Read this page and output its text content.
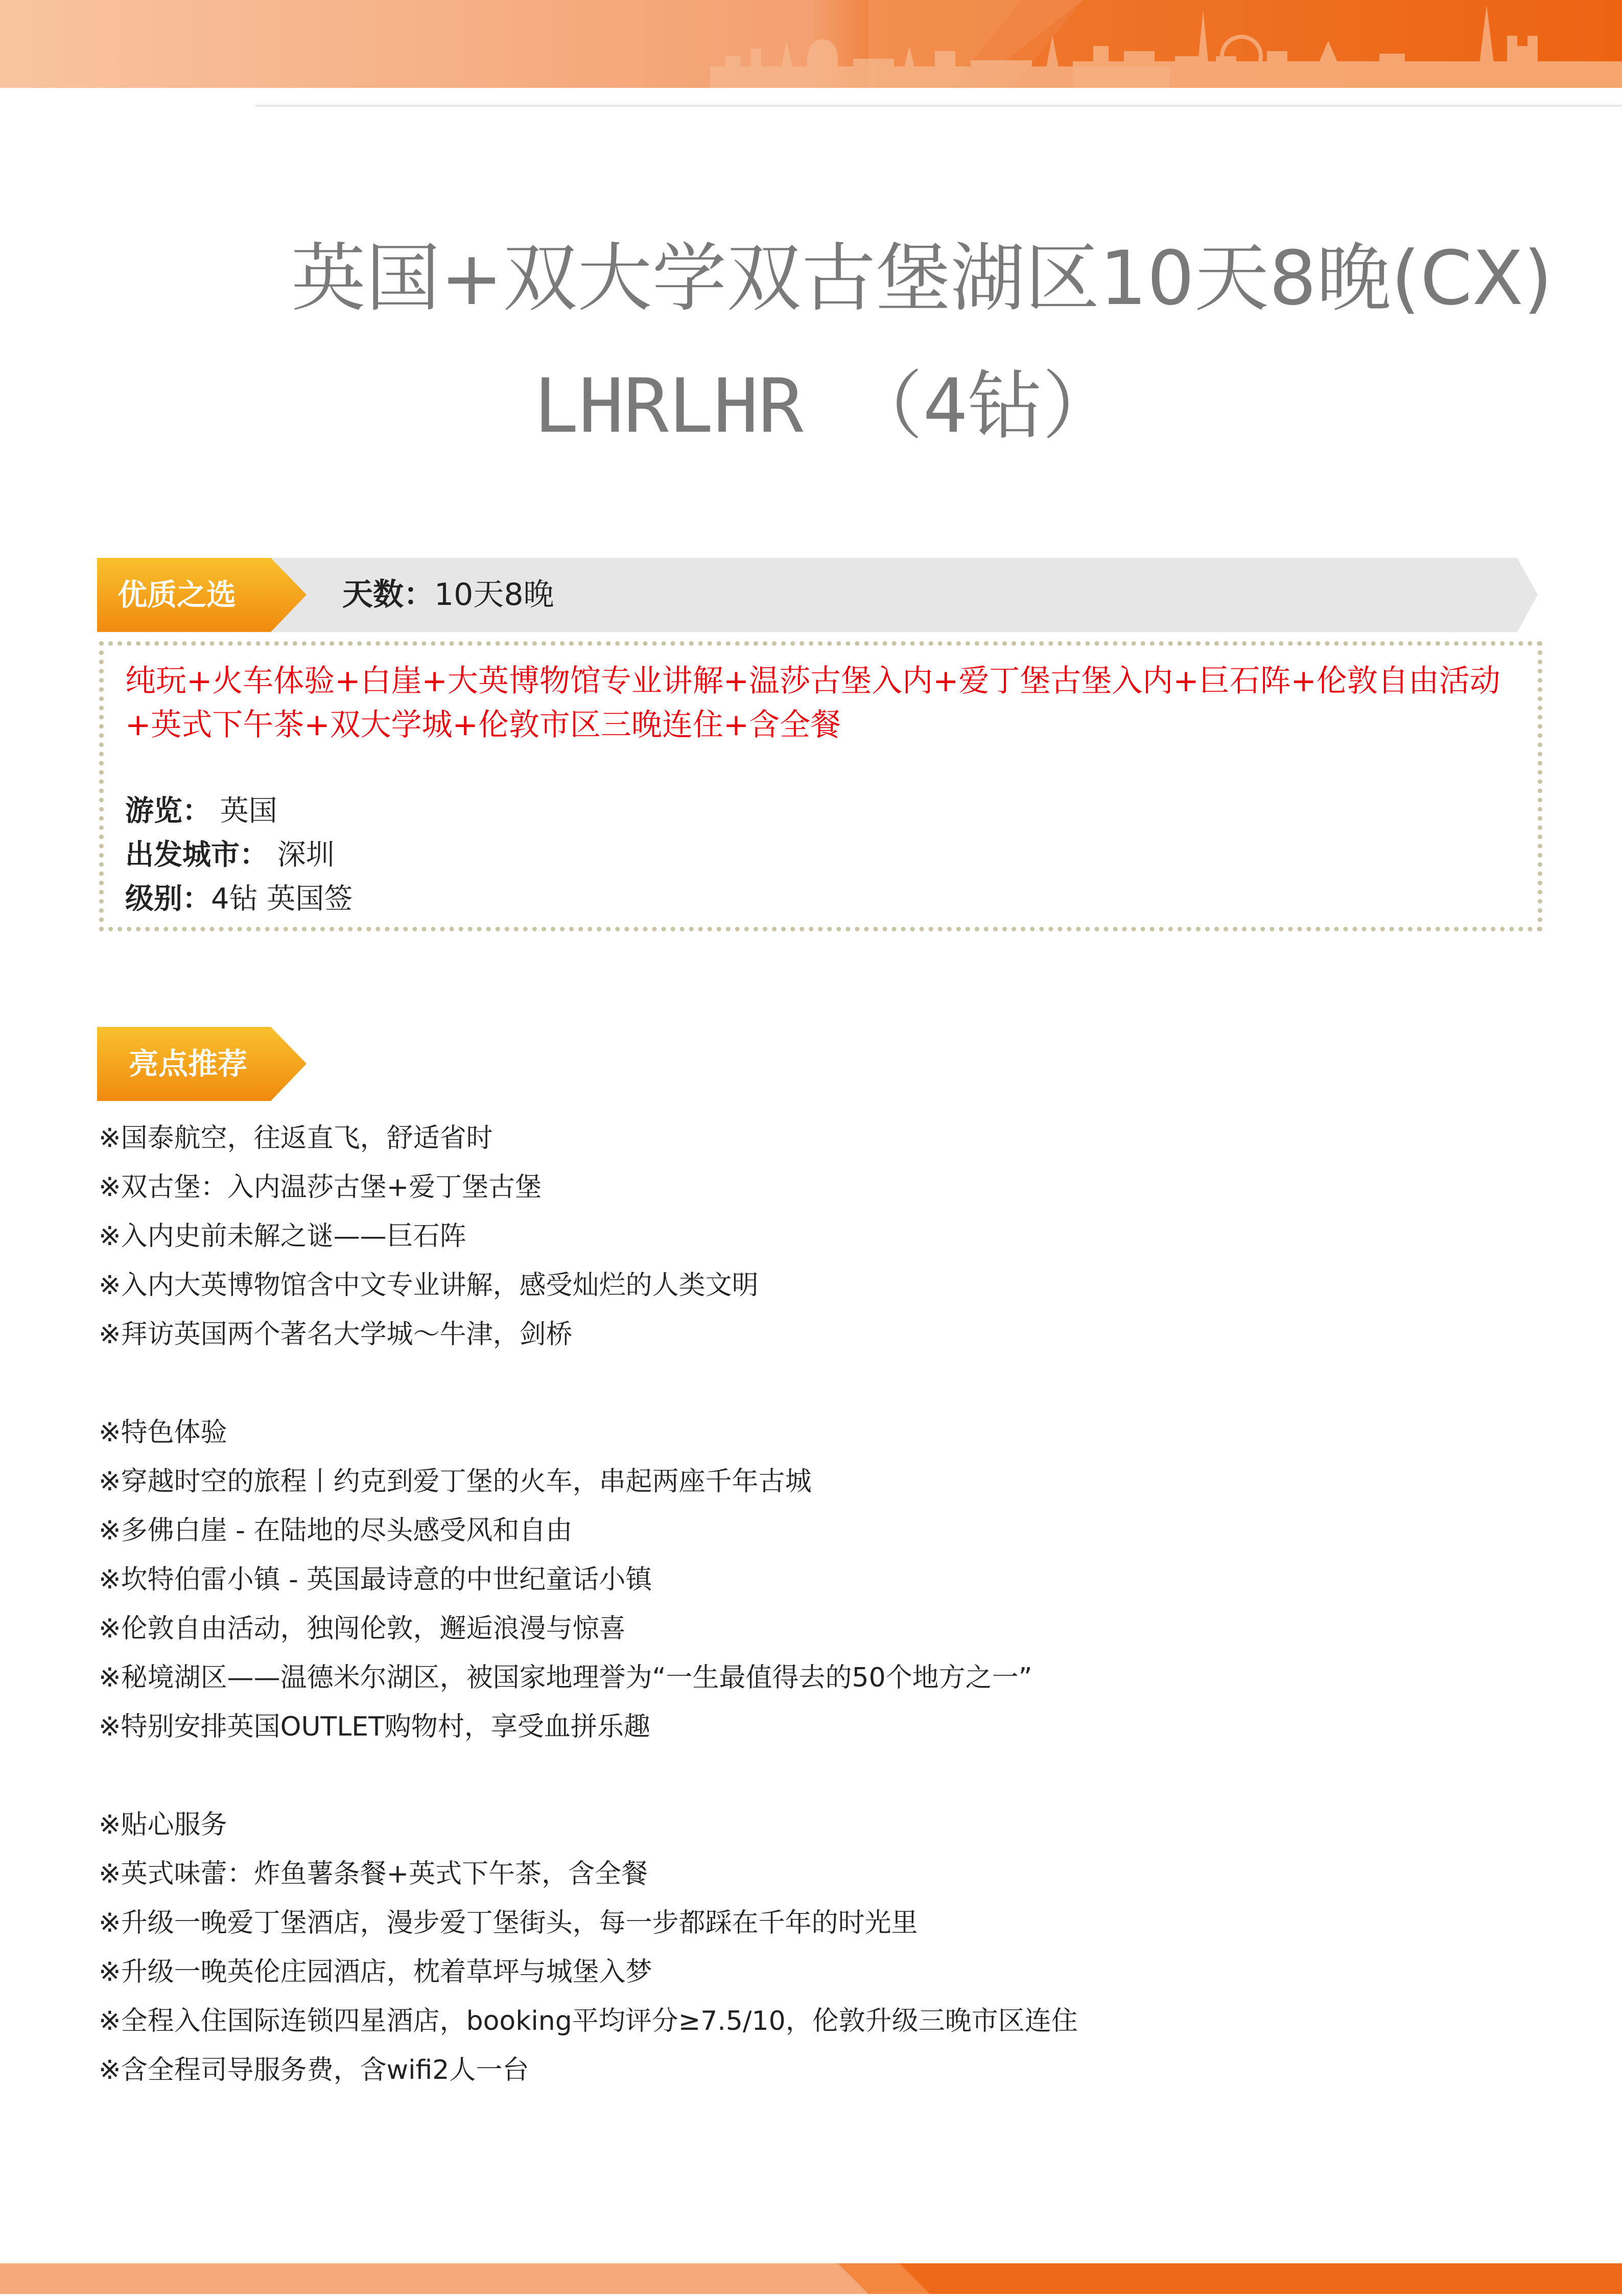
英国+双大学双古堡湖区10天8晚(CX)
LHRLHR （4钻）
优质之选	天数：10天8晚
纯玩+火车体验+白崖+大英博物馆专业讲解+温莎古堡入内+爱丁堡古堡入内+巨石阵+伦敦自由活动+英式下午茶+双大学城+伦敦市区三晚连住+含全餐
游览： 英国
出发城市： 深圳
级别：4钻 英国签
亮点推荐
※国泰航空，往返直飞，舒适省时
※双古堡：入内温莎古堡+爱丁堡古堡
※入内史前未解之谜——巨石阵
※入内大英博物馆含中文专业讲解，感受灿烂的人类文明
※拜访英国两个著名大学城～牛津，剑桥
※特色体验
※穿越时空的旅程丨约克到爱丁堡的火车，串起两座千年古城
※多佛白崖 - 在陆地的尽头感受风和自由
※坎特伯雷小镇 - 英国最诗意的中世纪童话小镇
※伦敦自由活动，独闯伦敦，邂逅浪漫与惊喜
※秘境湖区——温德米尔湖区，被国家地理誉为“一生最值得去的50个地方之一”
※特别安排英国OUTLET购物村，享受血拼乐趣
※贴心服务
※英式味蕾：炸鱼薯条餐+英式下午茶，含全餐
※升级一晚爱丁堡酒店，漫步爱丁堡街头，每一步都踩在千年的时光里
※升级一晚英伦庄园酒店，枕着草坪与城堡入梦
※全程入住国际连锁四星酒店，booking平均评分≥7.5/10，伦敦升级三晚市区连住
※含全程司导服务费，含wifi2人一台
